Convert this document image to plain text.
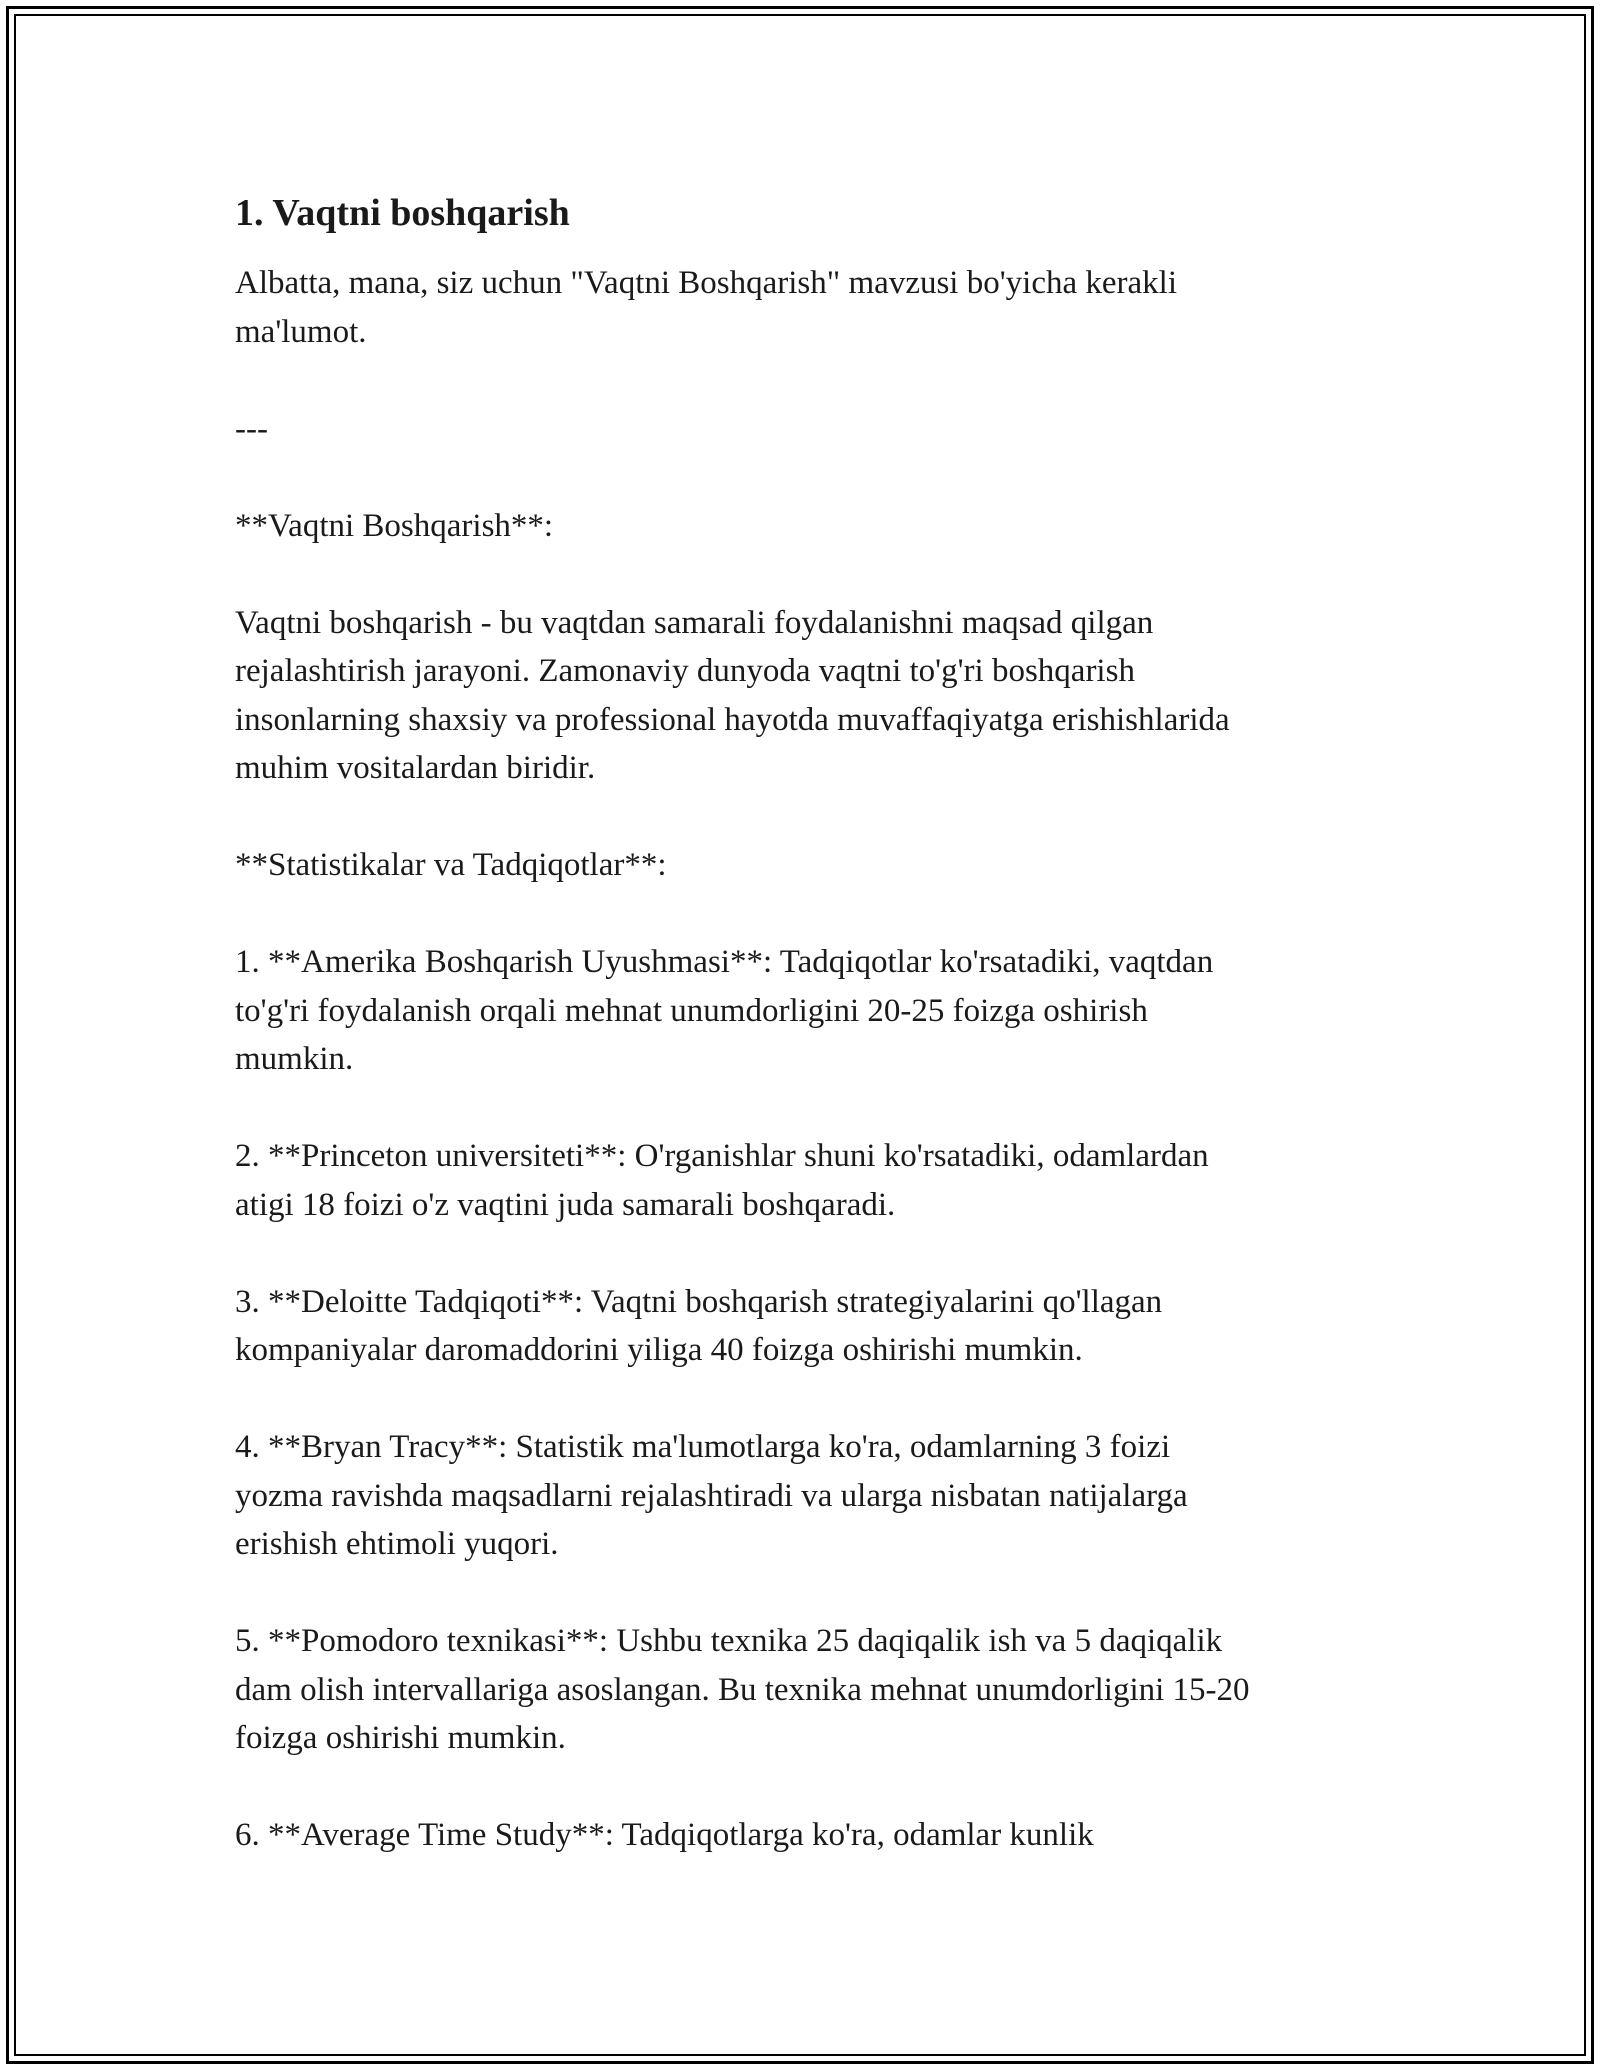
1. Vaqtni boshqarish

Albatta, mana, siz uchun "Vaqtni Boshqarish" mavzusi bo'yicha kerakli
ma'lumot.

---

**Vaqtni Boshqarish**:

Vaqtni boshqarish - bu vaqtdan samarali foydalanishni maqsad qilgan
rejalashtirish jarayoni. Zamonaviy dunyoda vaqtni to'g'ri boshqarish
insonlarning shaxsiy va professional hayotda muvaffaqiyatga erishishlarida
muhim vositalardan biridir.

**Statistikalar va Tadqiqotlar**:

1. **Amerika Boshqarish Uyushmasi**: Tadqiqotlar ko'rsatadiki, vaqtdan
to'g'ri foydalanish orqali mehnat unumdorligini 20-25 foizga oshirish
mumkin.

2. **Princeton universiteti**: O'rganishlar shuni ko'rsatadiki, odamlardan
atigi 18 foizi o'z vaqtini juda samarali boshqaradi.

3. **Deloitte Tadqiqoti**: Vaqtni boshqarish strategiyalarini qo'llagan
kompaniyalar daromaddorini yiliga 40 foizga oshirishi mumkin.

4. **Bryan Tracy**: Statistik ma'lumotlarga ko'ra, odamlarning 3 foizi
yozma ravishda maqsadlarni rejalashtiradi va ularga nisbatan natijalarga
erishish ehtimoli yuqori.

5. **Pomodoro texnikasi**: Ushbu texnika 25 daqiqalik ish va 5 daqiqalik
dam olish intervallariga asoslangan. Bu texnika mehnat unumdorligini 15-20
foizga oshirishi mumkin.

6. **Average Time Study**: Tadqiqotlarga ko'ra, odamlar kunlik
